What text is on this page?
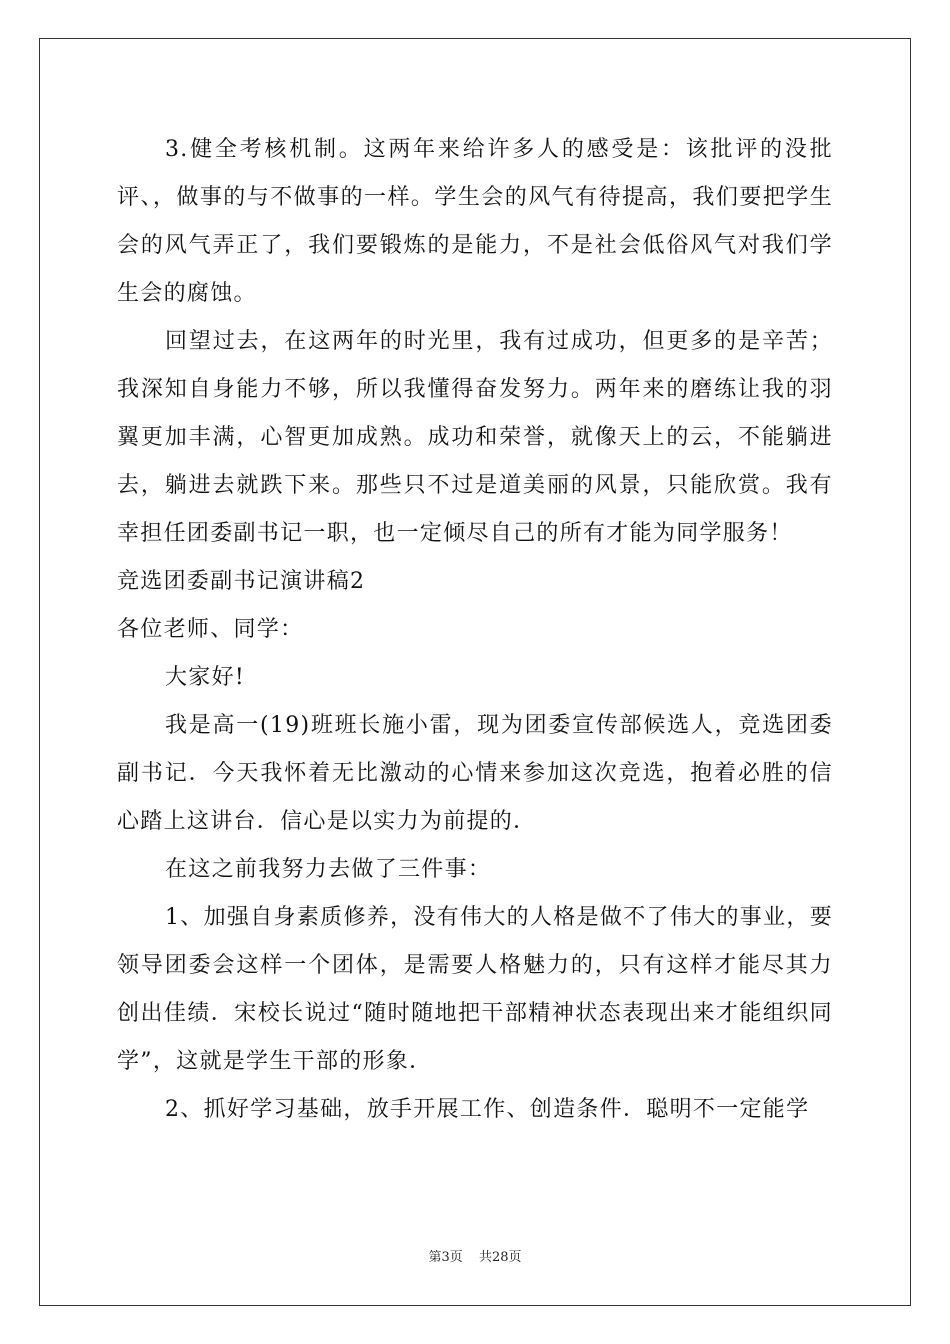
3.健全考核机制。这两年来给许多人的感受是：该批评的没批评、，做事的与不做事的一样。学生会的风气有待提高，我们要把学生会的风气弄正了，我们要锻炼的是能力，不是社会低俗风气对我们学生会的腐蚀。

回望过去，在这两年的时光里，我有过成功，但更多的是辛苦；我深知自身能力不够，所以我懂得奋发努力。两年来的磨练让我的羽翼更加丰满，心智更加成熟。成功和荣誉，就像天上的云，不能躺进去，躺进去就跌下来。那些只不过是道美丽的风景，只能欣赏。我有幸担任团委副书记一职，也一定倾尽自己的所有才能为同学服务！

竞选团委副书记演讲稿2

各位老师、同学：

大家好!

我是高一(19)班班长施小雷，现为团委宣传部候选人，竞选团委副书记．今天我怀着无比激动的心情来参加这次竞选，抱着必胜的信心踏上这讲台．信心是以实力为前提的．

在这之前我努力去做了三件事：

1、加强自身素质修养，没有伟大的人格是做不了伟大的事业，要领导团委会这样一个团体，是需要人格魅力的，只有这样才能尽其力创出佳绩．宋校长说过“随时随地把干部精神状态表现出来才能组织同学”，这就是学生干部的形象．

2、抓好学习基础，放手开展工作、创造条件．聪明不一定能学

第3页 共28页
